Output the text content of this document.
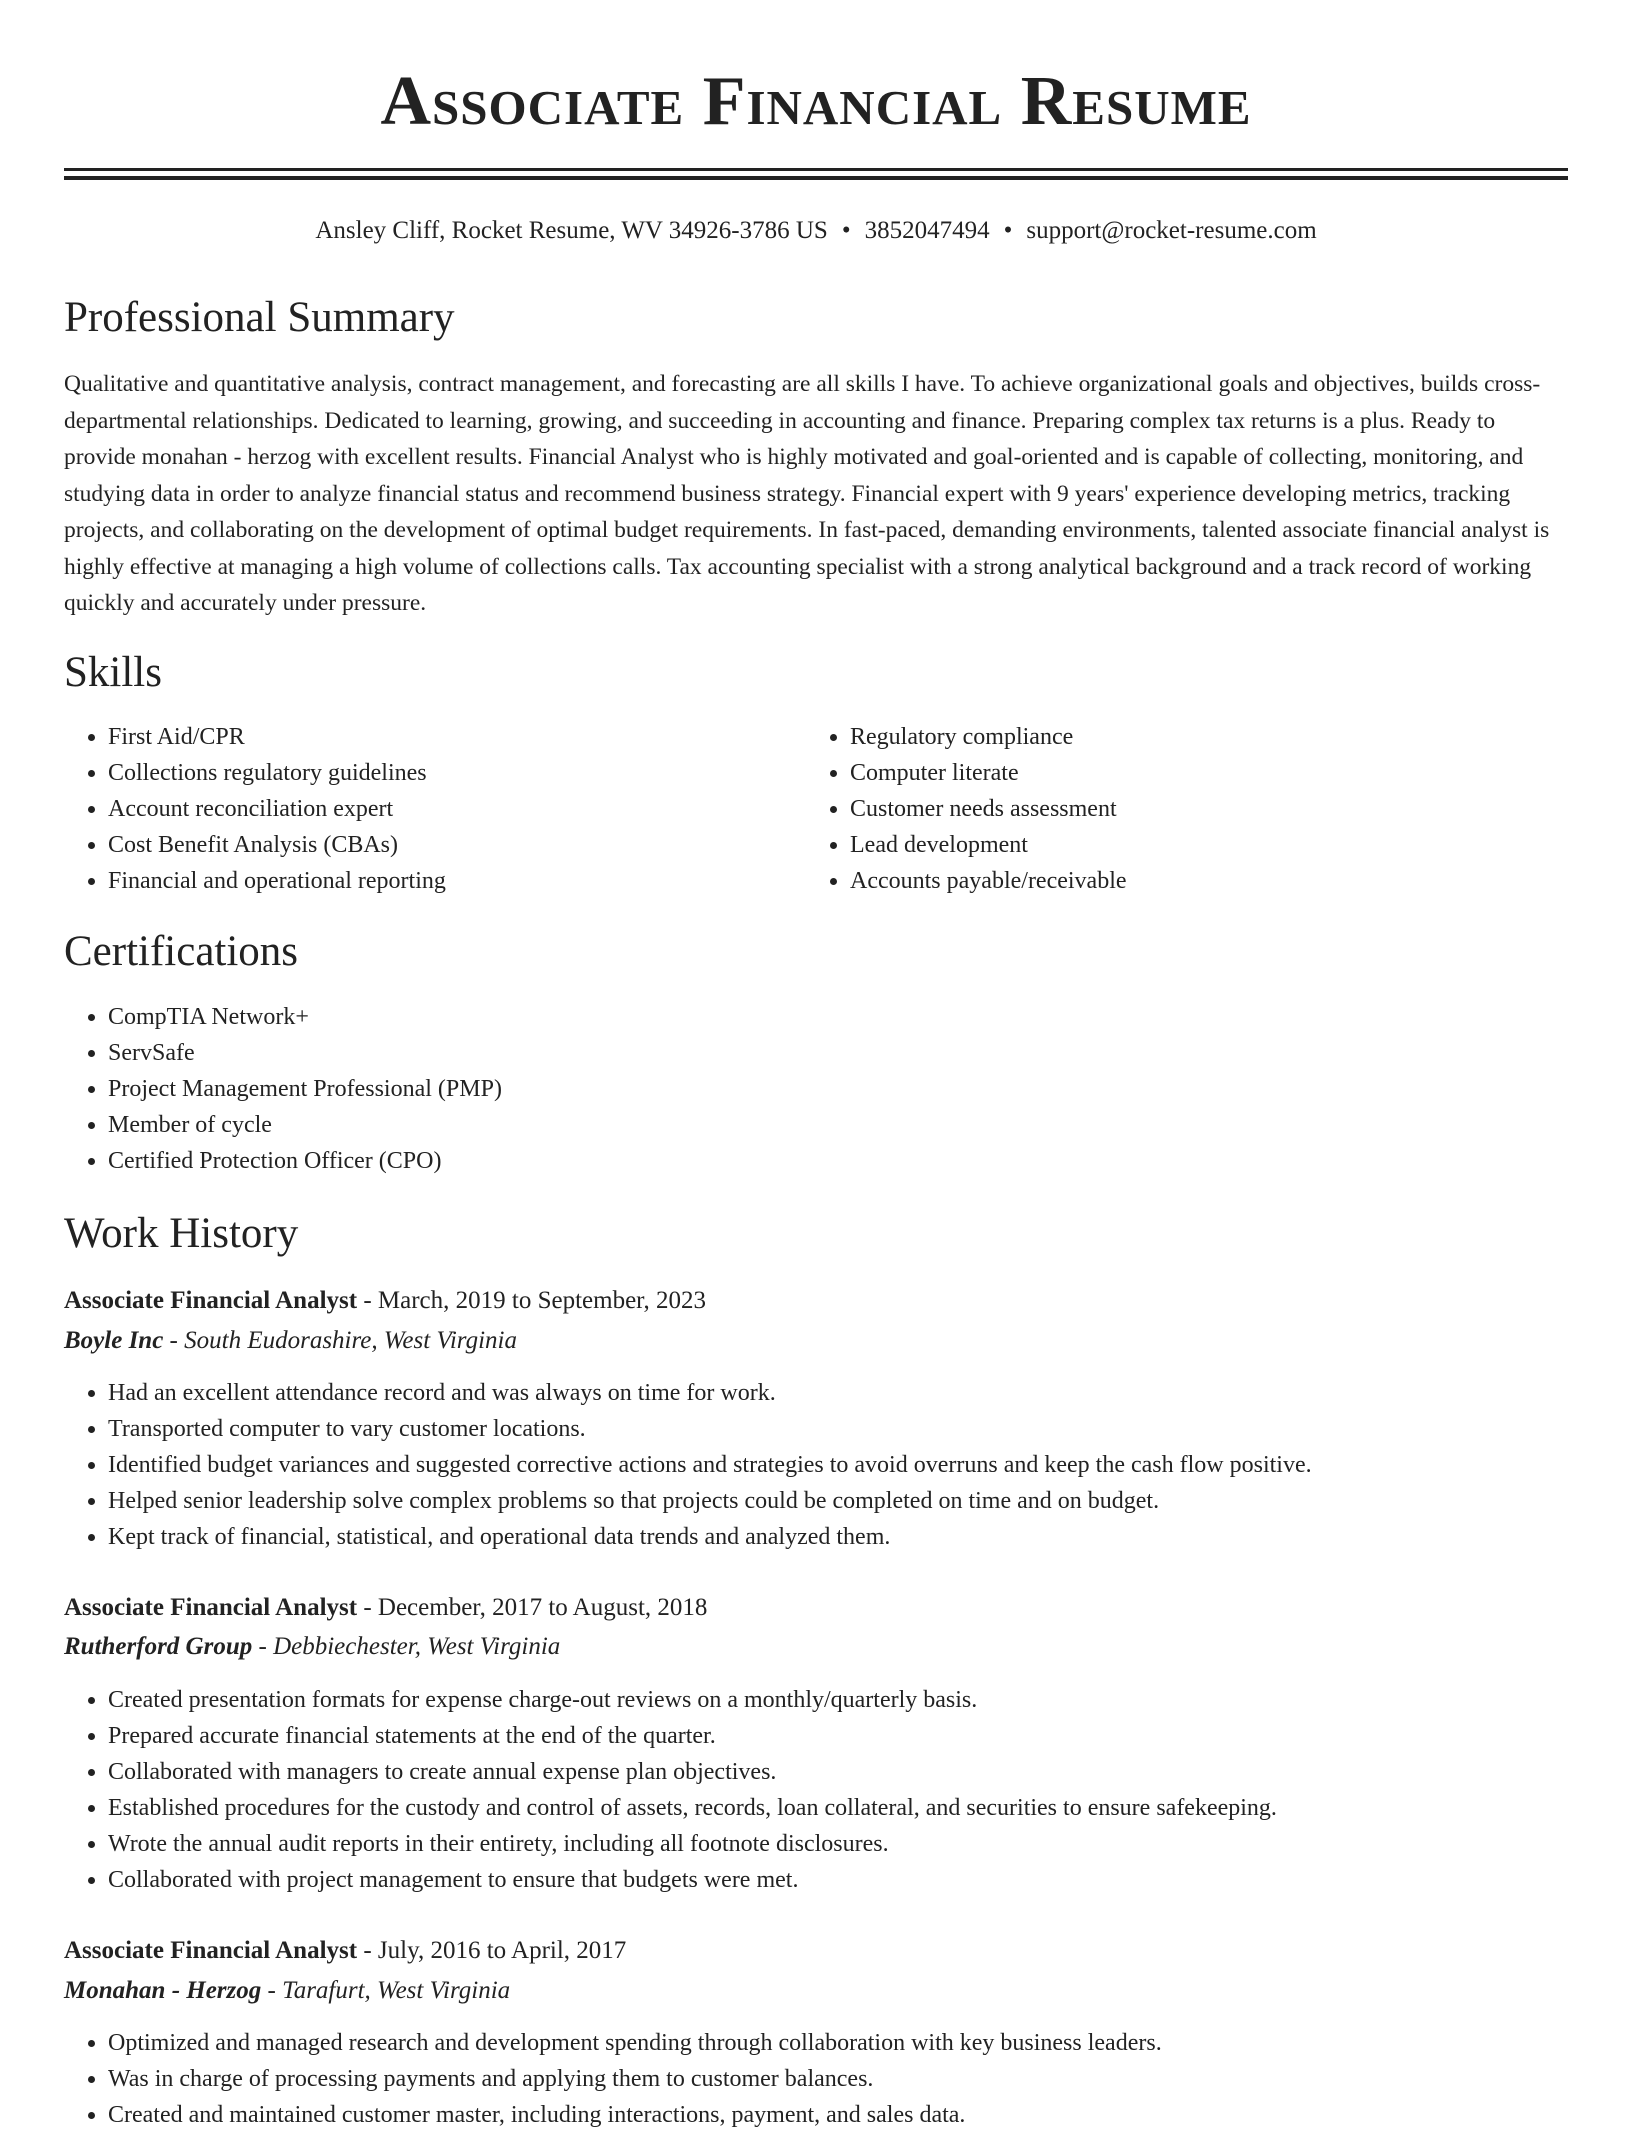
Associate Financial Resume
Ansley Cliff, Rocket Resume, WV 34926-3786 US • 3852047494 • support@rocket-resume.com
Professional Summary

Qualitative and quantitative analysis, contract management, and forecasting are all skills I have. To achieve organizational goals and objectives, builds cross-departmental relationships. Dedicated to learning, growing, and succeeding in accounting and finance. Preparing complex tax returns is a plus. Ready to provide monahan - herzog with excellent results. Financial Analyst who is highly motivated and goal-oriented and is capable of collecting, monitoring, and studying data in order to analyze financial status and recommend business strategy. Financial expert with 9 years' experience developing metrics, tracking projects, and collaborating on the development of optimal budget requirements. In fast-paced, demanding environments, talented associate financial analyst is highly effective at managing a high volume of collections calls. Tax accounting specialist with a strong analytical background and a track record of working quickly and accurately under pressure.

Skills
• First Aid/CPR
• Collections regulatory guidelines
• Account reconciliation expert
• Cost Benefit Analysis (CBAs)
• Financial and operational reporting
• Regulatory compliance
• Computer literate
• Customer needs assessment
• Lead development
• Accounts payable/receivable
Certifications
• CompTIA Network+
• ServSafe
• Project Management Professional (PMP)
• Member of cycle
• Certified Protection Officer (CPO)
Work History
Associate Financial Analyst - March, 2019 to September, 2023
Boyle Inc - South Eudorashire, West Virginia
• Had an excellent attendance record and was always on time for work.
• Transported computer to vary customer locations.
• Identified budget variances and suggested corrective actions and strategies to avoid overruns and keep the cash flow positive.
• Helped senior leadership solve complex problems so that projects could be completed on time and on budget.
• Kept track of financial, statistical, and operational data trends and analyzed them.
Associate Financial Analyst - December, 2017 to August, 2018
Rutherford Group - Debbiechester, West Virginia
• Created presentation formats for expense charge-out reviews on a monthly/quarterly basis.
• Prepared accurate financial statements at the end of the quarter.
• Collaborated with managers to create annual expense plan objectives.
• Established procedures for the custody and control of assets, records, loan collateral, and securities to ensure safekeeping.
• Wrote the annual audit reports in their entirety, including all footnote disclosures.
• Collaborated with project management to ensure that budgets were met.
Associate Financial Analyst - July, 2016 to April, 2017
Monahan - Herzog - Tarafurt, West Virginia
• Optimized and managed research and development spending through collaboration with key business leaders.
• Was in charge of processing payments and applying them to customer balances.
• Created and maintained customer master, including interactions, payment, and sales data.
